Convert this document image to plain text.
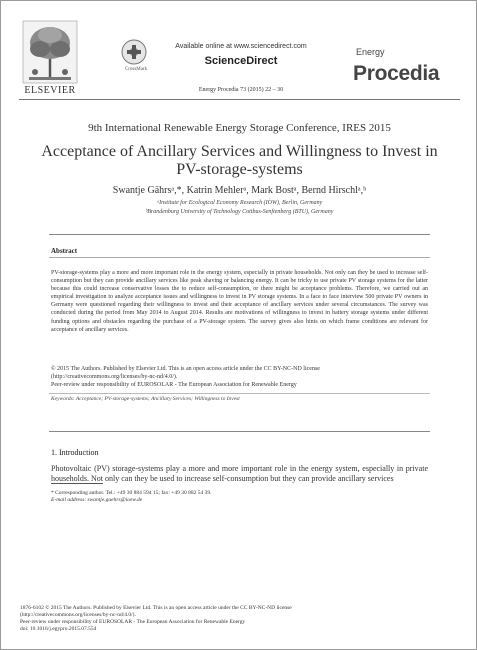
ELSEVIER
CrossMark
Available online at www.sciencedirect.com
ScienceDirect
Energy Procedia 73 (2015) 22 – 30
Energy
Procedia
9th International Renewable Energy Storage Conference, IRES 2015
Acceptance of Ancillary Services and Willingness to Invest in PV-storage-systems
Swantje Gährsᵃ,*, Katrin Mehlerᵃ, Mark Bostᵃ, Bernd Hirschlᵃ,ᵇ
ᵃInstitute for Ecological Economy Research (IÖW), Berlin, Germany
ᵇBrandenburg University of Technology Cottbus-Senftenberg (BTU), Germany
Abstract
PV-storage-systems play a more and more important role in the energy system, especially in private households. Not only can they be used to increase self-consumption but they can provide ancillary services like peak shaving or balancing energy. It can be tricky to use private PV storage systems for the latter because this could increase conservative losses the to reduce self-consumption, or there might be acceptance problems. Therefore, we carried out an empirical investigation to analyze acceptance issues and willingness to invest in PV storage systems. In a face to face interview 500 private PV owners in Germany were questioned regarding their willingness to invest and their acceptance of ancillary services under several circumstances. The survey was conducted during the period from May 2014 to August 2014. Results are motivations of willingness to invest in battery storage systems under different funding options and obstacles regarding the purchase of a PV-storage system. The survey gives also hints on which frame conditions are relevant for acceptance of ancillary services.
© 2015 The Authors. Published by Elsevier Ltd. This is an open access article under the CC BY-NC-ND license
(http://creativecommons.org/licenses/by-nc-nd/4.0/).
Peer-review under responsibility of EUROSOLAR - The European Association for Renewable Energy
Keywords: Acceptance; PV-storage-systems; Ancillary Services; Willingness to Invest
1. Introduction
Photovoltaic (PV) storage-systems play a more and more important role in the energy system, especially in private households. Not only can they be used to increase self-consumption but they can provide ancillary services
* Corresponding author. Tel.: +49 30 884 594 15; fax: +49 30 882 54 39.
E-mail address: swantje.gaehrs@ioew.de
1876-6102 © 2015 The Authors. Published by Elsevier Ltd. This is an open access article under the CC BY-NC-ND license
(http://creativecommons.org/licenses/by-nc-nd/4.0/).
Peer-review under responsibility of EUROSOLAR - The European Association for Renewable Energy
doi: 10.1016/j.egypro.2015.07.554
